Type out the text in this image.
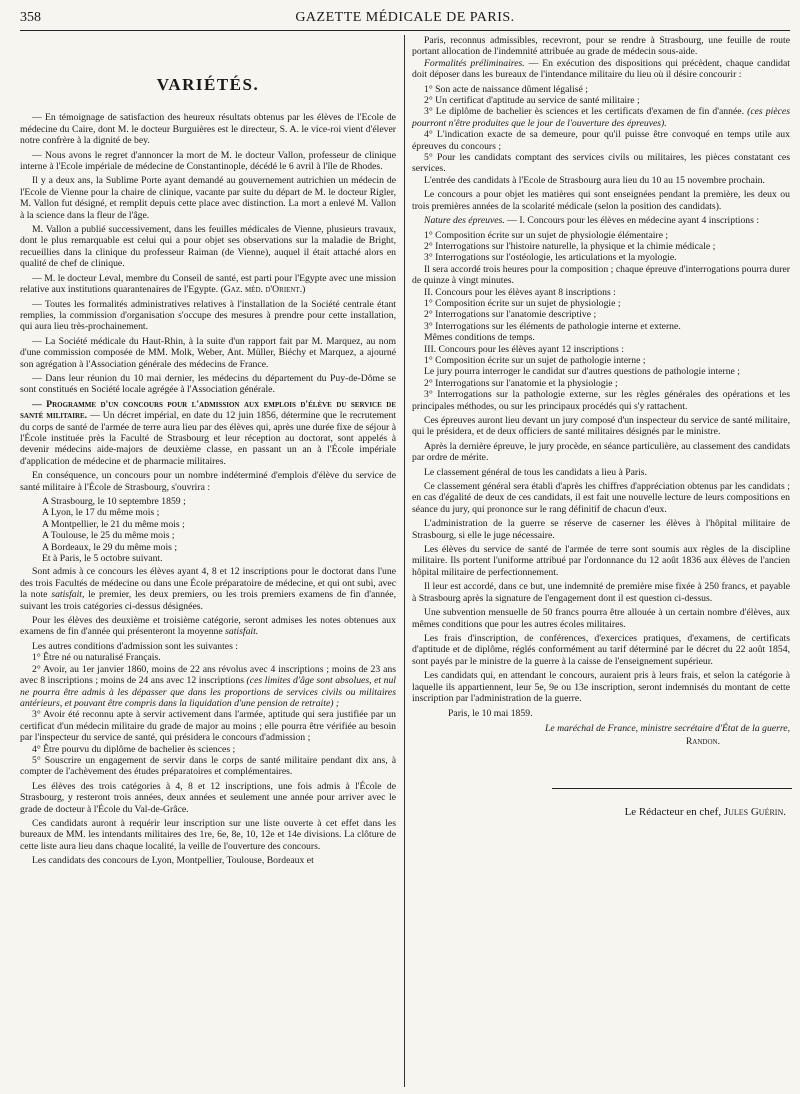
358	GAZETTE MÉDICALE DE PARIS.
VARIÉTÉS.

— En témoignage de satisfaction des heureux résultats obtenus par les élèves de l'Ecole de médecine du Caire, dont M. le docteur Burguières est le directeur, S. A. le vice-roi vient d'élever notre confrère à la dignité de bey.

— Nous avons le regret d'annoncer la mort de M. le docteur Vallon, professeur de clinique interne à l'Ecole impériale de médecine de Constantinople, décédé le 6 avril à l'île de Rhodes.

Il y a deux ans, la Sublime Porte ayant demandé au gouvernement autrichien un médecin de l'Ecole de Vienne pour la chaire de clinique, vacante par suite du départ de M. le docteur Rigler, M. Vallon fut désigné, et remplit depuis cette place avec distinction. La mort a enlevé M. Vallon à la science dans la fleur de l'âge.

M. Vallon a publié successivement, dans les feuilles médicales de Vienne, plusieurs travaux, dont le plus remarquable est celui qui a pour objet ses observations sur la maladie de Bright, recueillies dans la clinique du professeur Raiman (de Vienne), auquel il était attaché alors en qualité de chef de clinique.

— M. le docteur Leval, membre du Conseil de santé, est parti pour l'Egypte avec une mission relative aux institutions quarantenaires de l'Egypte. (Gaz. méd. d'Orient.)

— Toutes les formalités administratives relatives à l'installation de la Société centrale étant remplies, la commission d'organisation s'occupe des mesures à prendre pour cette installation, qui aura lieu très-prochainement.

— La Société médicale du Haut-Rhin, à la suite d'un rapport fait par M. Marquez, au nom d'une commission composée de MM. Molk, Weber, Ant. Müller, Biéchy et Marquez, a ajourné son agrégation à l'Association générale des médecins de France.

— Dans leur réunion du 10 mai dernier, les médecins du département du Puy-de-Dôme se sont constitués en Société locale agrégée à l'Association générale.

— Programme d'un concours pour l'admission aux emplois d'élève du service de santé militaire. — Un décret impérial, en date du 12 juin 1856, détermine que le recrutement du corps de santé de l'armée de terre aura lieu par des élèves qui, après une durée fixe de séjour à l'École instituée près la Faculté de Strasbourg et leur réception au doctorat, sont appelés à devenir médecins aide-majors de deuxième classe, en passant un an à l'École impériale d'application de médecine et de pharmacie militaires.

En conséquence, un concours pour un nombre indéterminé d'emplois d'élève du service de santé militaire à l'École de Strasbourg, s'ouvrira :

A Strasbourg, le 10 septembre 1859 ;
A Lyon, le 17 du même mois ;
A Montpellier, le 21 du même mois ;
A Toulouse, le 25 du même mois ;
A Bordeaux, le 29 du même mois ;
Et à Paris, le 5 octobre suivant.

Sont admis à ce concours les élèves ayant 4, 8 et 12 inscriptions pour le doctorat dans l'une des trois Facultés de médecine ou dans une École préparatoire de médecine, et qui ont subi, avec la note satisfait, le premier, les deux premiers, ou les trois premiers examens de fin d'année, suivant les trois catégories ci-dessus désignées.

Pour les élèves des deuxième et troisième catégorie, seront admises les notes obtenues aux examens de fin d'année qui présenteront la moyenne satisfait.

Les autres conditions d'admission sont les suivantes :

1° Être né ou naturalisé Français.

2° Avoir, au 1er janvier 1860, moins de 22 ans révolus avec 4 inscriptions ; moins de 23 ans avec 8 inscriptions ; moins de 24 ans avec 12 inscriptions (ces limites d'âge sont absolues, et nul ne pourra être admis à les dépasser que dans les proportions de services civils ou militaires antérieurs, et pouvant être compris dans la liquidation d'une pension de retraite) ;

3° Avoir été reconnu apte à servir activement dans l'armée, aptitude qui sera justifiée par un certificat d'un médecin militaire du grade de major au moins ; elle pourra être vérifiée au besoin par l'inspecteur du service de santé, qui présidera le concours d'admission ;

4° Être pourvu du diplôme de bachelier ès sciences ;

5° Souscrire un engagement de servir dans le corps de santé militaire pendant dix ans, à compter de l'achèvement des études préparatoires et complémentaires.

Les élèves des trois catégories à 4, 8 et 12 inscriptions, une fois admis à l'École de Strasbourg, y resteront trois années, deux années et seulement une année pour arriver avec le grade de docteur à l'École du Val-de-Grâce.

Ces candidats auront à requérir leur inscription sur une liste ouverte à cet effet dans les bureaux de MM. les intendants militaires des 1re, 6e, 8e, 10, 12e et 14e divisions. La clôture de cette liste aura lieu dans chaque localité, la veille de l'ouverture des concours.

Les candidats des concours de Lyon, Montpellier, Toulouse, Bordeaux et

Paris, reconnus admissibles, recevront, pour se rendre à Strasbourg, une feuille de route portant allocation de l'indemnité attribuée au grade de médecin sous-aide.

Formalités préliminaires. — En exécution des dispositions qui précèdent, chaque candidat doit déposer dans les bureaux de l'intendance militaire du lieu où il désire concourir :

1° Son acte de naissance dûment légalisé ;

2° Un certificat d'aptitude au service de santé militaire ;

3° Le diplôme de bachelier ès sciences et les certificats d'examen de fin d'année. (ces pièces pourront n'être produites que le jour de l'ouverture des épreuves).

4° L'indication exacte de sa demeure, pour qu'il puisse être convoqué en temps utile aux épreuves du concours ;

5° Pour les candidats comptant des services civils ou militaires, les pièces constatant ces services.

L'entrée des candidats à l'Ecole de Strasbourg aura lieu du 10 au 15 novembre prochain.

Le concours a pour objet les matières qui sont enseignées pendant la première, les deux ou trois premières années de la scolarité médicale (selon la position des candidats).

Nature des épreuves. — I. Concours pour les élèves en médecine ayant 4 inscriptions :

1° Composition écrite sur un sujet de physiologie élémentaire ;

2° Interrogations sur l'histoire naturelle, la physique et la chimie médicale ;

3° Interrogations sur l'ostéologie, les articulations et la myologie.

Il sera accordé trois heures pour la composition ; chaque épreuve d'interrogations pourra durer de quinze à vingt minutes.

II. Concours pour les élèves ayant 8 inscriptions :

1° Composition écrite sur un sujet de physiologie ;

2° Interrogations sur l'anatomie descriptive ;

3° Interrogations sur les éléments de pathologie interne et externe.

Mêmes conditions de temps.

III. Concours pour les élèves ayant 12 inscriptions :

1° Composition écrite sur un sujet de pathologie interne ;

Le jury pourra interroger le candidat sur d'autres questions de pathologie interne ;

2° Interrogations sur l'anatomie et la physiologie ;

3° Interrogations sur la pathologie externe, sur les règles générales des opérations et les principales méthodes, ou sur les principaux procédés qui s'y rattachent.

Ces épreuves auront lieu devant un jury composé d'un inspecteur du service de santé militaire, qui le présidera, et de deux officiers de santé militaires désignés par le ministre.

Après la dernière épreuve, le jury procède, en séance particulière, au classement des candidats par ordre de mérite.

Le classement général de tous les candidats a lieu à Paris.

Ce classement général sera établi d'après les chiffres d'appréciation obtenus par les candidats ; en cas d'égalité de deux de ces candidats, il est fait une nouvelle lecture de leurs compositions en séance du jury, qui prononce sur le rang définitif de chacun d'eux.

L'administration de la guerre se réserve de caserner les élèves à l'hôpital militaire de Strasbourg, si elle le juge nécessaire.

Les élèves du service de santé de l'armée de terre sont soumis aux règles de la discipline militaire. Ils portent l'uniforme attribué par l'ordonnance du 12 août 1836 aux élèves de l'ancien hôpital militaire de perfectionnement.

Il leur est accordé, dans ce but, une indemnité de première mise fixée à 250 francs, et payable à Strasbourg après la signature de l'engagement dont il est question ci-dessus.

Une subvention mensuelle de 50 francs pourra être allouée à un certain nombre d'élèves, aux mêmes conditions que pour les autres écoles militaires.

Les frais d'inscription, de conférences, d'exercices pratiques, d'examens, de certificats d'aptitude et de diplôme, réglés conformément au tarif déterminé par le décret du 22 août 1854, sont payés par le ministre de la guerre à la caisse de l'enseignement supérieur.

Les candidats qui, en attendant le concours, auraient pris à leurs frais, et selon la catégorie à laquelle ils appartiennent, leur 5e, 9e ou 13e inscription, seront indemnisés du montant de cette inscription par l'administration de la guerre.

Paris, le 10 mai 1859.

Le maréchal de France, ministre secrétaire d'État de la guerre,
Randon.
Le Rédacteur en chef, Jules Guérin.
